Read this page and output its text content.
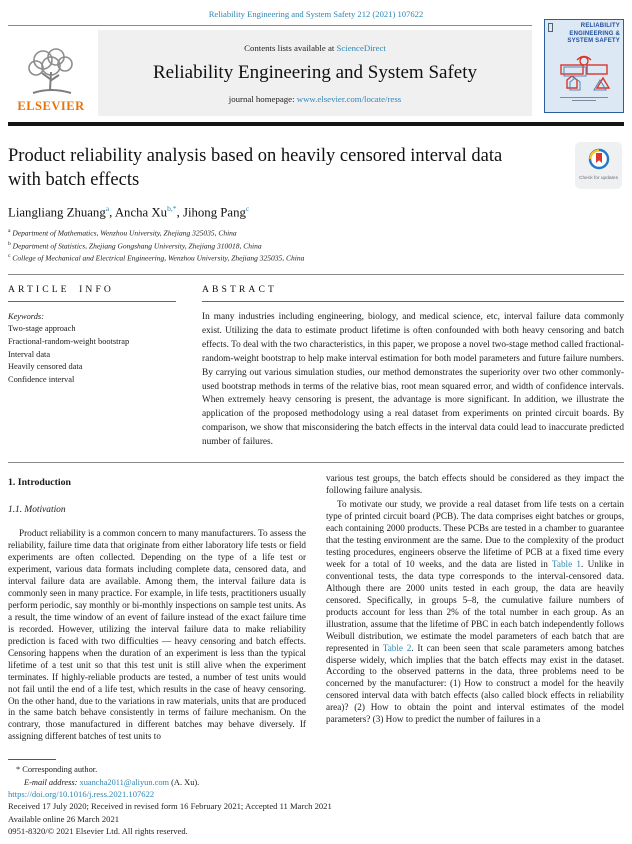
Reliability Engineering and System Safety 212 (2021) 107622
ELSEVIER
Contents lists available at ScienceDirect
Reliability Engineering and System Safety
journal homepage: www.elsevier.com/locate/ress
RELIABILITY ENGINEERING & SYSTEM SAFETY
Check for updates
Product reliability analysis based on heavily censored interval data with batch effects
Liangliang Zhuang$^a$, Ancha $Xu^{b,*}$, Jihong Pang$^c$
$^a$ Department of Mathematics, Wenzhou University, Zhejiang 325035, China
$^b$ Department of Statistics, Zhejiang Gongshang University, Zhejiang 310018, China
$^c$ College of Mechanical and Electrical Engineering, Wenzhou University, Zhejiang 325035, China
ARTICLE INFO
Keywords:
Two-stage approach
Fractional-random-weight bootstrap
Interval data
Heavily censored data
Confidence interval
ABSTRACT
In many industries including engineering, biology, and medical science, etc, interval failure data commonly exist. Utilizing the data to estimate product lifetime is often confounded with both heavy censoring and batch effects. To deal with the two characteristics, in this paper, we propose a novel two-stage method called fractional-random-weight bootstrap to help make interval estimation for both model parameters and future failure numbers. By carrying out various simulation studies, our method demonstrates the superiority over two other commonly-used bootstrap methods in terms of the relative bias, root mean squared error, and width of confidence intervals. When extremely heavy censoring is present, the advantage is more significant. In addition, we illustrate the application of the proposed methodology using a real dataset from experiments on printed circuit boards. By comparison, we show that misconsidering the batch effects in the interval data could lead to inaccurate predicted number of failures.
1. Introduction
1.1. Motivation

Product reliability is a common concern to many manufacturers. To assess the reliability, failure time data that originate from either laboratory life tests or field experiments are often collected. Depending on the type of a life test or experiment, various data formats including complete data, censored data, and interval failure data are available. Among them, the interval failure data is commonly seen in many practice. For example, in life tests, practitioners usually perform periodic, say monthly or bi-monthly inspections on sample test units. As a result, the time window of an event of failure instead of the exact failure time is recorded. However, utilizing the interval failure data to make reliability prediction is faced with two difficulties — heavy censoring and batch effects. Censoring happens when the duration of an experiment is less than the typical lifetime of a test unit so that this test unit is still alive when the experiment terminates. If highly-reliable products are tested, a number of test units would not fail until the end of a life test, which results in the case of heavy censoring. On the other hand, due to the variations in raw materials, units that are produced in the same batch behave consistently in terms of failure mechanism. On the contrary, those manufactured in different batches may behave diversely. If assigning different batches of test units to

* Corresponding author.
E-mail address: xuancha2011@aliyun.com (A. Xu).

various test groups, the batch effects should be considered as they impact the following failure analysis.

To motivate our study, we provide a real dataset from life tests on a certain type of printed circuit board (PCB). The data comprises eight batches or groups, each containing 2000 products. These PCBs are tested in a chamber to guarantee that the testing environment are the same. Due to the complexity of the product testing procedures, engineers observe the lifetime of PCB at a fixed time every week for a total of 10 weeks, and the data are listed in Table 1. Unlike in conventional tests, the data type corresponds to the interval-censored data. Although there are 2000 units tested in each group, the data are heavily censored. Specifically, in groups 5–8, the cumulative failure numbers of products account for less than 2% of the total number in each group. As an illustration, assume that the lifetime of PBC in each batch independently follows Weibull distribution, we estimate the model parameters of each batch that are represented in Table 2. It can been seen that scale parameters among batches disperse widely, which implies that the batch effects may exist in the dataset. According to the observed patterns in the data, three problems need to be concerned by the manufacturer: (1) How to construct a model for the heavily censored interval data with batch effects (also called block effects in reliability area)? (2) How to obtain the point and interval estimates of the model parameters? (3) How to predict the number of failures in a

https://doi.org/10.1016/j.ress.2021.107622
Received 17 July 2020; Received in revised form 16 February 2021; Accepted 11 March 2021
Available online 26 March 2021
0951-8320/© 2021 Elsevier Ltd. All rights reserved.
